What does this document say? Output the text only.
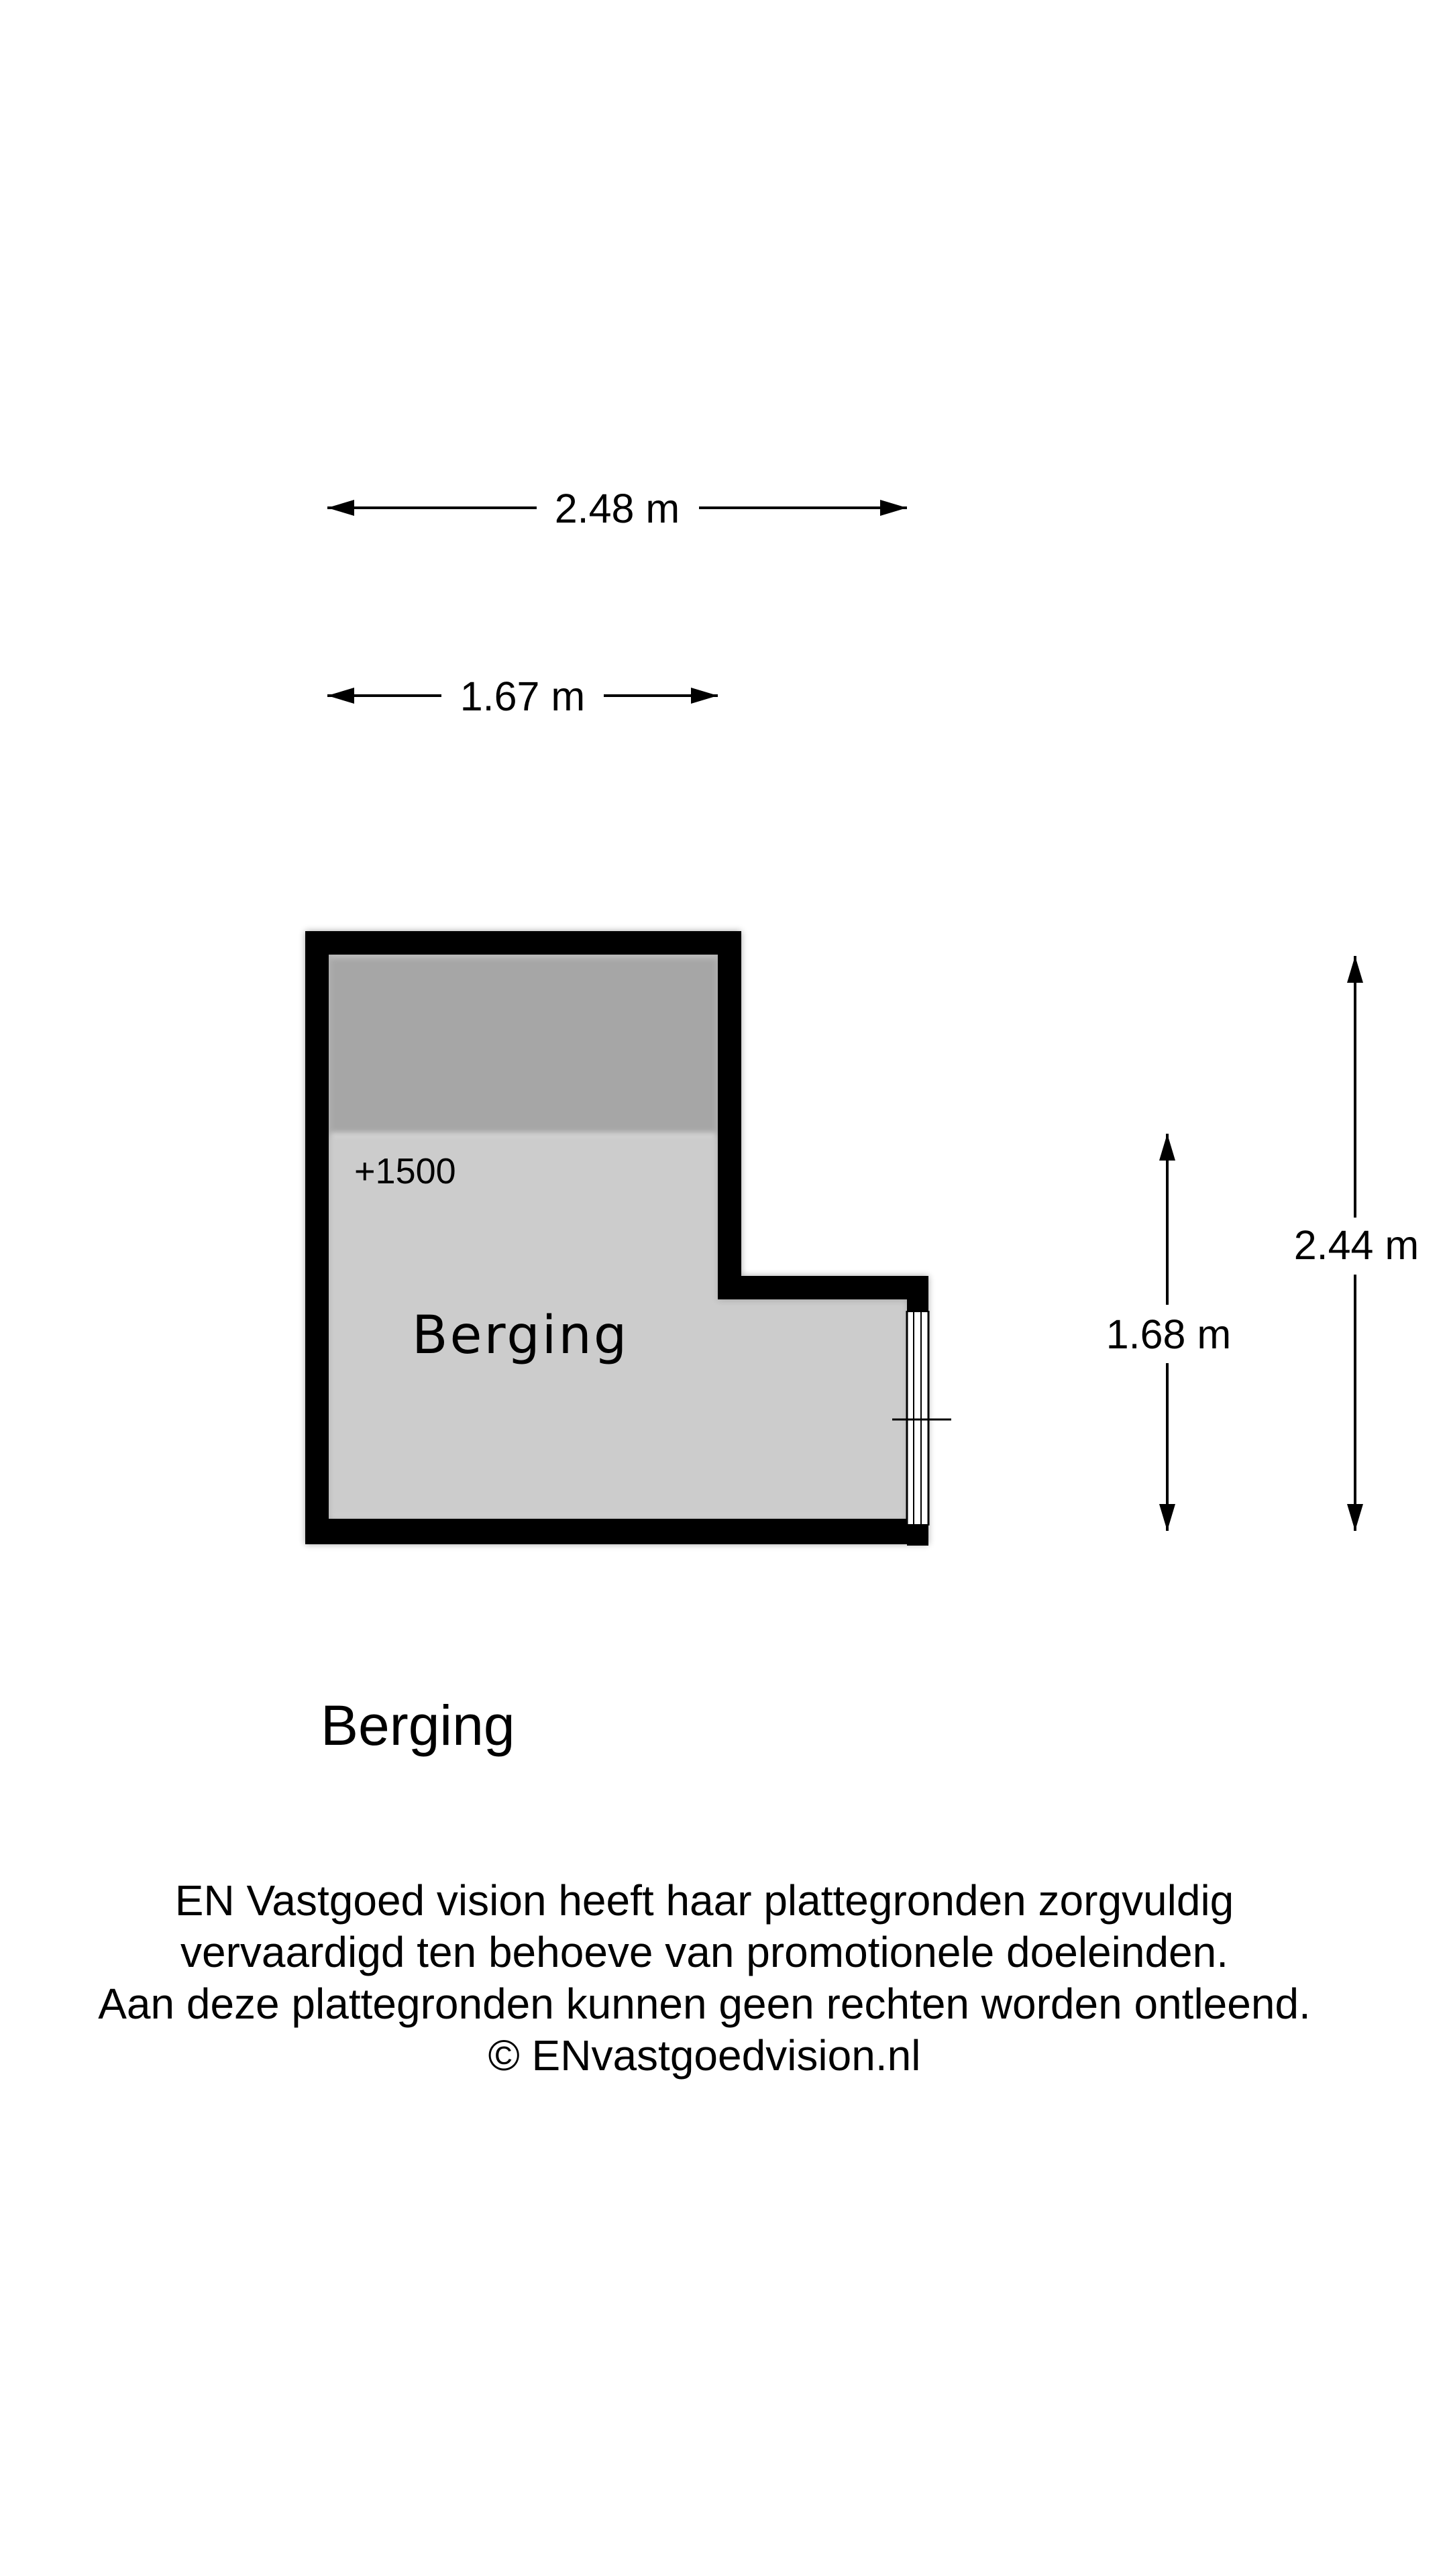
2.48 m
1.67 m
+1500
Berging	1.68 m
2.44 m
Berging
EN Vastgoed vision heeft haar plattegronden zorgvuldig
vervaardigd ten behoeve van promotionele doeleinden.
Aan deze plattegronden kunnen geen rechten worden ontleend.
© ENvastgoedvision.nl
